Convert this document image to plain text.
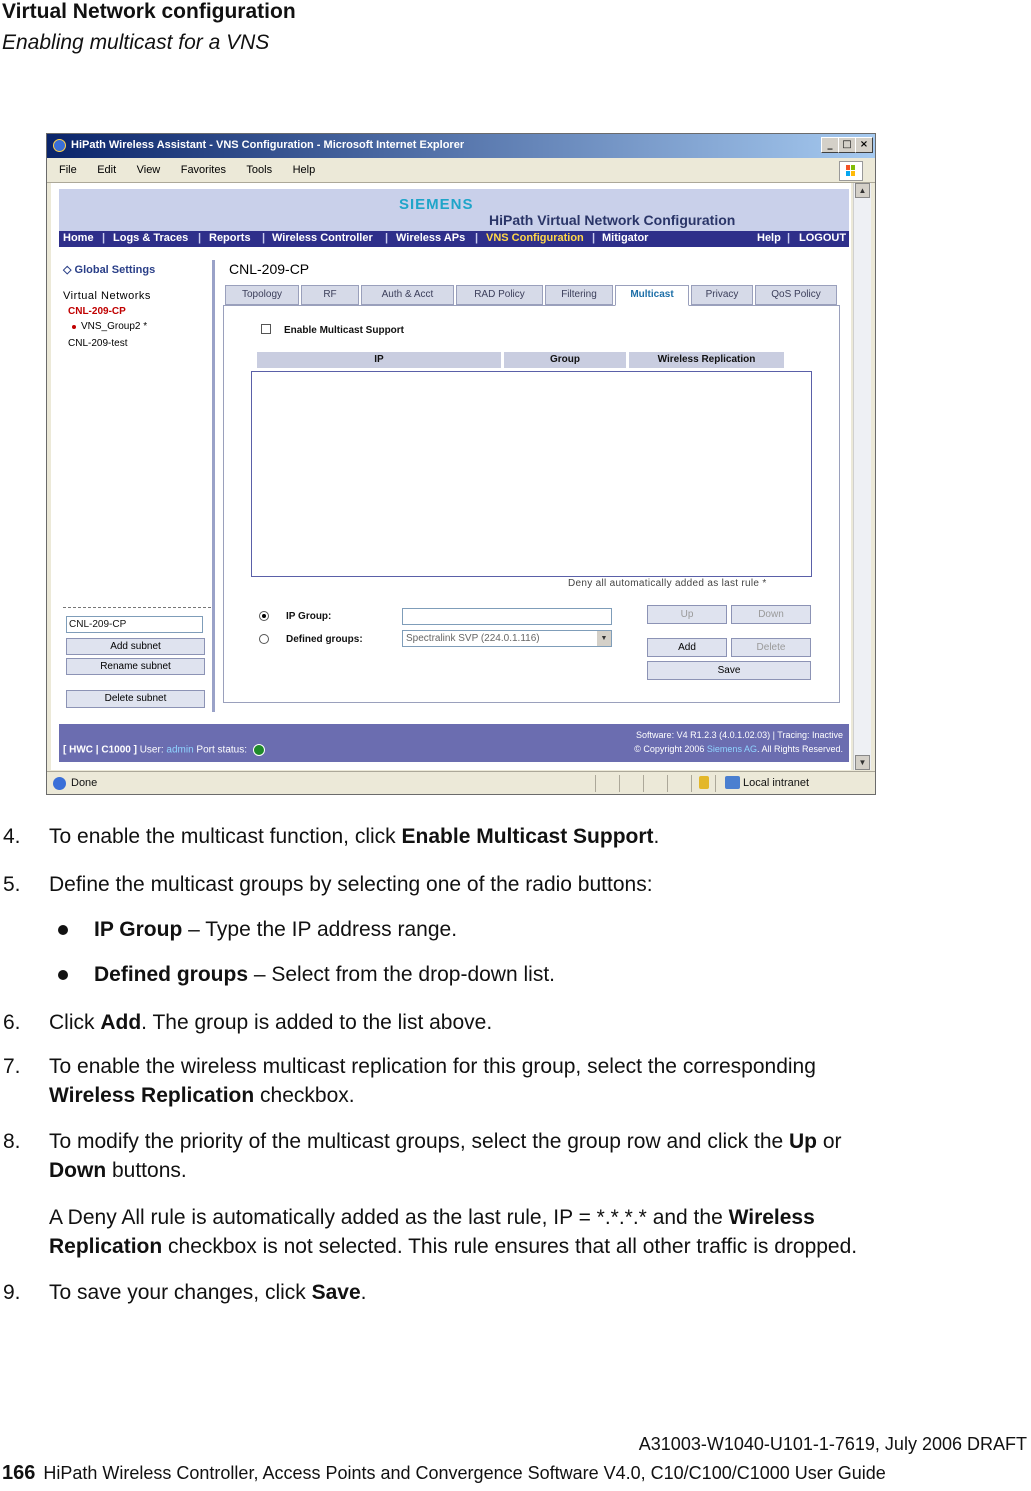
Virtual Network configuration
Enabling multicast for a VNS
HiPath Wireless Assistant - VNS Configuration - Microsoft Internet Explorer	_ □ ×
File Edit View Favorites Tools Help
SIEMENS
HiPath Virtual Network Configuration
Home | Logs & Traces | Reports | Wireless Controller | Wireless APs | VNS Configuration | Mitigator	Help | LOGOUT
◇ Global Settings
Virtual Networks
CNL-209-CP
VNS_Group2 *
CNL-209-test
CNL-209-CP
Add subnet
Rename subnet
Delete subnet
CNL-209-CP
Topology	RF	Auth & Acct	RAD Policy	Filtering	Multicast	Privacy	QoS Policy
Enable Multicast Support
IP	Group	Wireless Replication
Deny all automatically added as last rule *
IP Group:
Defined groups:	Spectralink SVP (224.0.1.116)	▼
Up	Down
Add	Delete
Save
[ HWC | C1000 ] User: admin Port status:
Software: V4 R1.2.3 (4.0.1.02.03) | Tracing: Inactive
© Copyright 2006 Siemens AG. All Rights Reserved.
▲
▼
Done	Local intranet
4. To enable the multicast function, click Enable Multicast Support.
5. Define the multicast groups by selecting one of the radio buttons:
IP Group – Type the IP address range.
Defined groups – Select from the drop-down list.
6. Click Add. The group is added to the list above.
7. To enable the wireless multicast replication for this group, select the corresponding
Wireless Replication checkbox.
8. To modify the priority of the multicast groups, select the group row and click the Up or
Down buttons.
A Deny All rule is automatically added as the last rule, IP = *.*.*.* and the Wireless
Replication checkbox is not selected. This rule ensures that all other traffic is dropped.
9. To save your changes, click Save.
A31003-W1040-U101-1-7619, July 2006 DRAFT
166 HiPath Wireless Controller, Access Points and Convergence Software V4.0, C10/C100/C1000 User Guide
